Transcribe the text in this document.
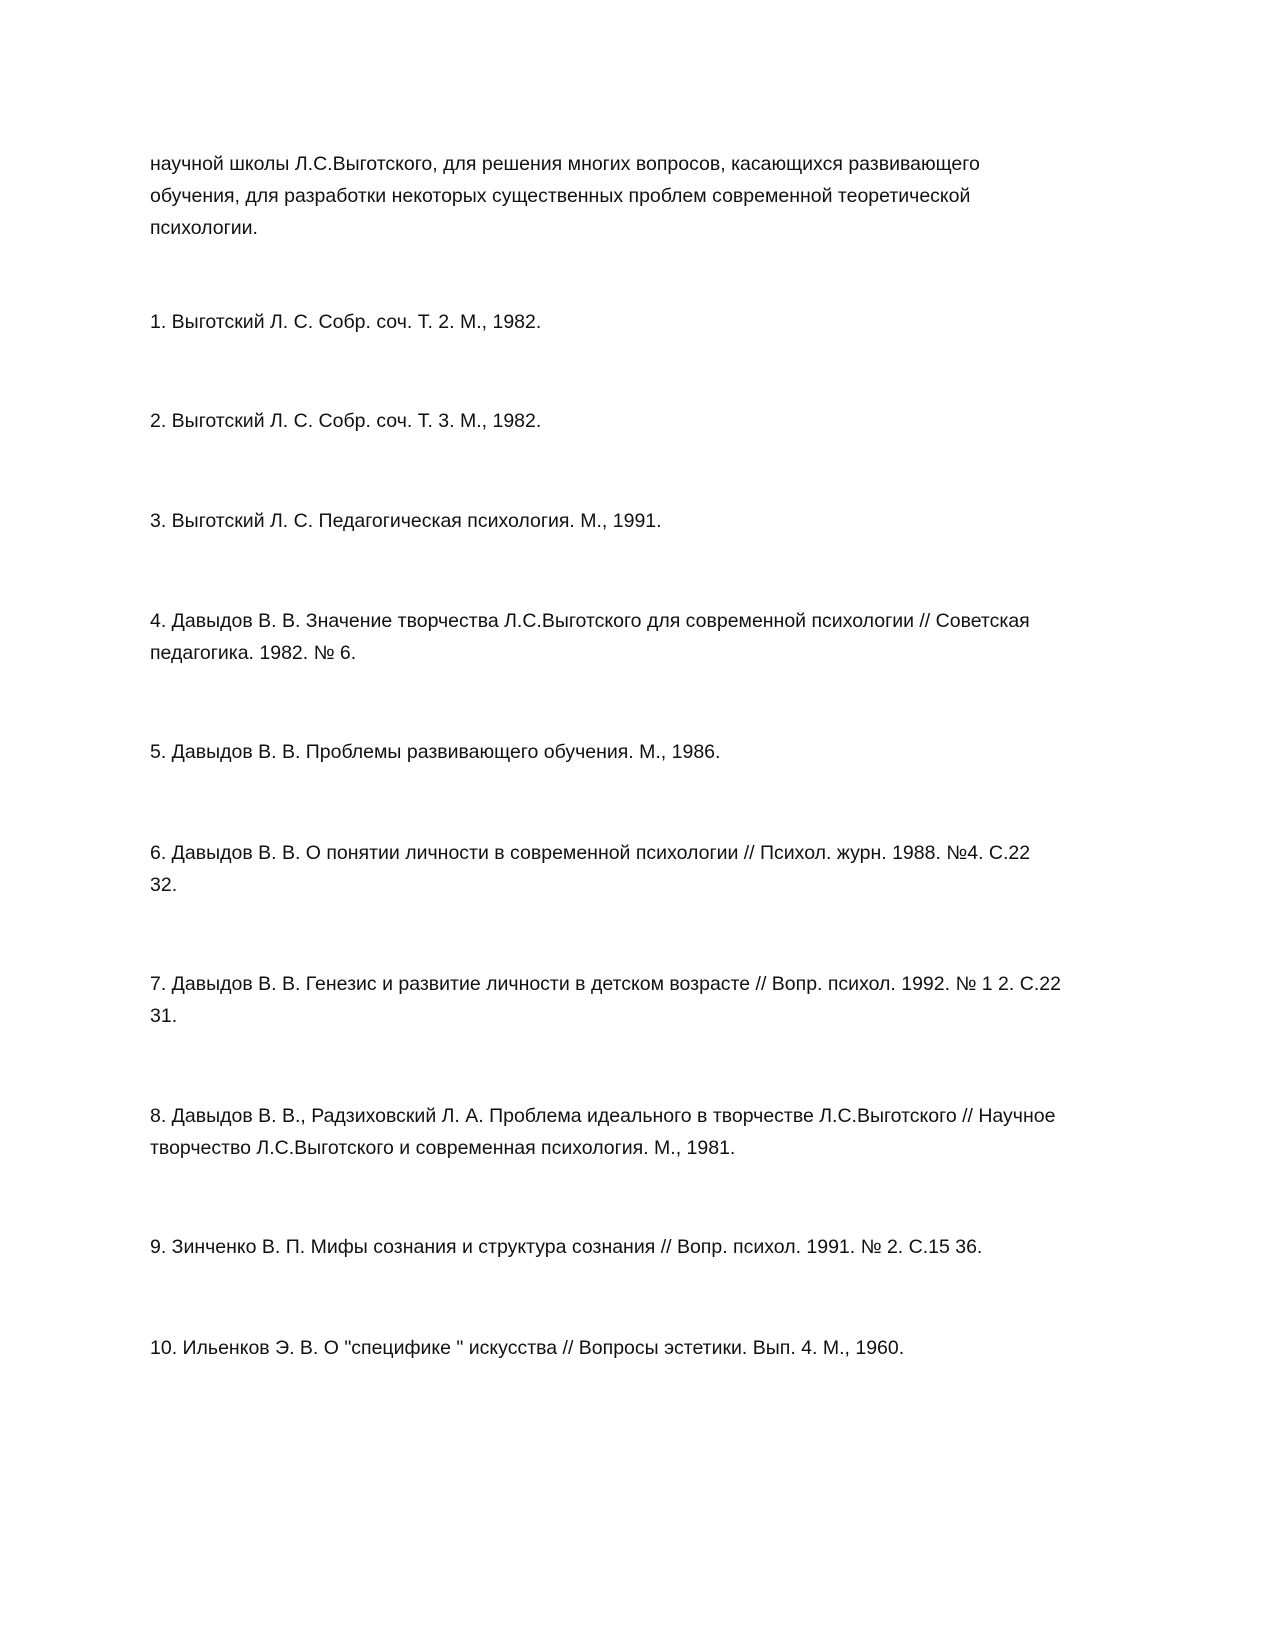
научной школы Л.С.Выготского, для решения многих вопросов, касающихся развивающего
обучения, для разработки некоторых существенных проблем современной теоретической
психологии.
1. Выготский Л. С. Собр. соч. Т. 2. М., 1982.
2. Выготский Л. С. Собр. соч. Т. 3. М., 1982.
3. Выготский Л. С. Педагогическая психология. М., 1991.
4. Давыдов В. В. Значение творчества Л.С.Выготского для современной психологии // Советская
педагогика. 1982. № 6.
5. Давыдов В. В. Проблемы развивающего обучения. М., 1986.
6. Давыдов В. В. О понятии личности в современной психологии // Психол. журн. 1988. №4. С.22
32.
7. Давыдов В. В. Генезис и развитие личности в детском возрасте // Вопр. психол. 1992. № 1 2. С.22
31.
8. Давыдов В. В., Радзиховский Л. А. Проблема идеального в творчестве Л.С.Выготского // Научное
творчество Л.С.Выготского и современная психология. М., 1981.
9. Зинченко В. П. Мифы сознания и структура сознания // Вопр. психол. 1991. № 2. С.15 36.
10. Ильенков Э. В. О "специфике " искусства // Вопросы эстетики. Вып. 4. М., 1960.
